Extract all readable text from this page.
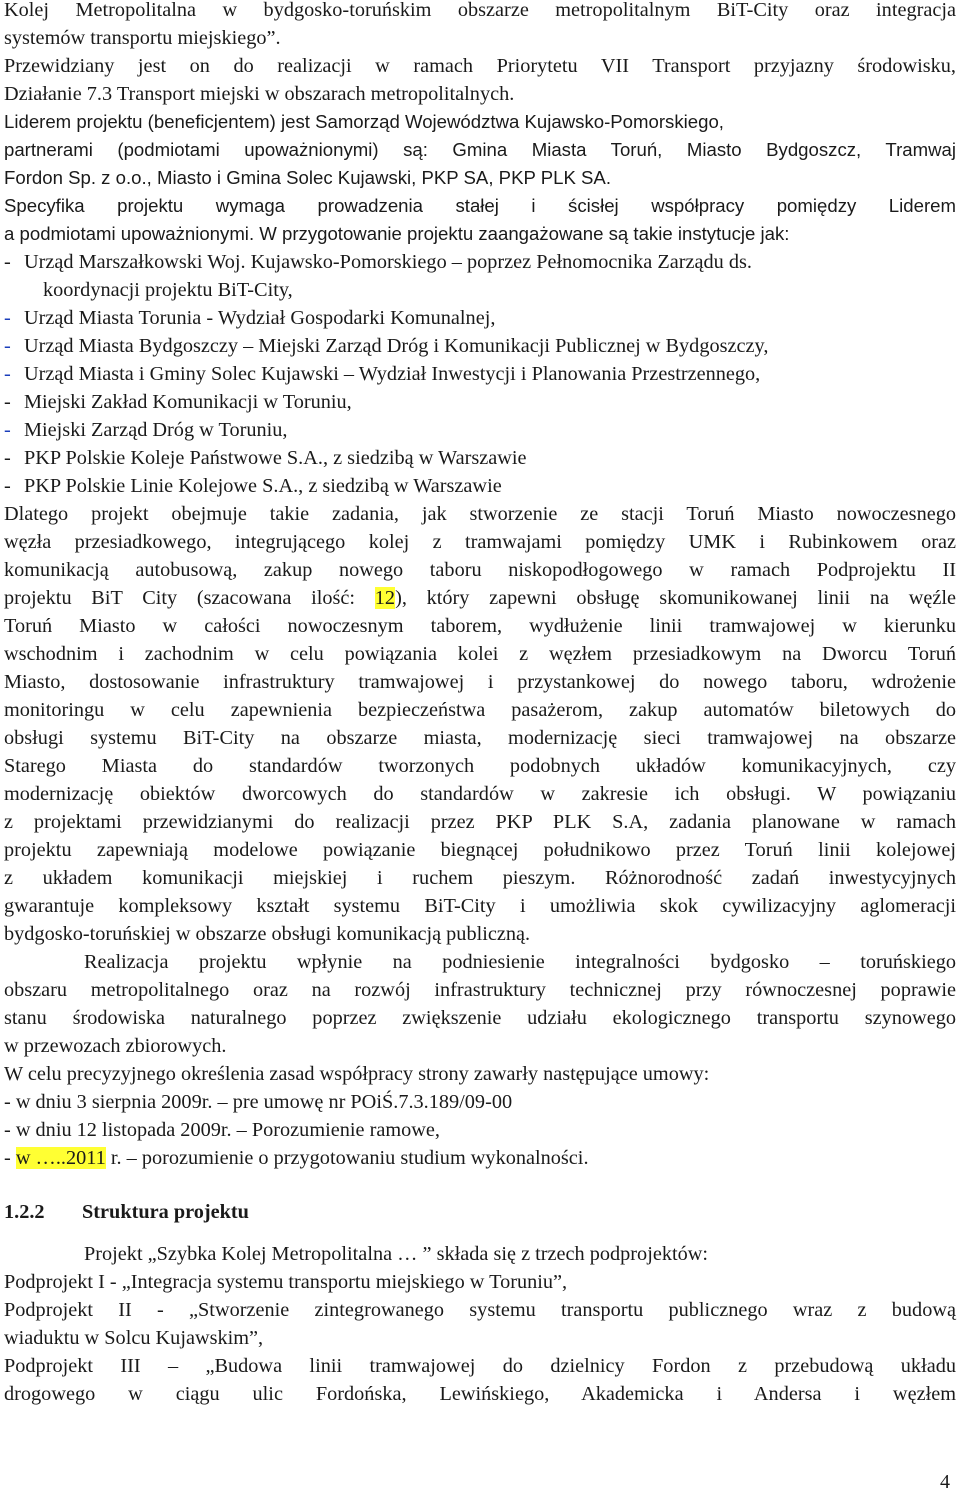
Kolej Metropolitalna w bydgosko-toruńskim obszarze metropolitalnym BiT-City oraz integracja
systemów transportu miejskiego”.
Przewidziany jest on do realizacji w ramach Priorytetu VII Transport przyjazny środowisku,
Działanie 7.3 Transport miejski w obszarach metropolitalnych.
Liderem projektu (beneficjentem) jest Samorząd Województwa Kujawsko-Pomorskiego,
partnerami (podmiotami upoważnionymi) są: Gmina Miasta Toruń, Miasto Bydgoszcz, Tramwaj
Fordon Sp. z o.o., Miasto i Gmina Solec Kujawski, PKP SA, PKP PLK SA.
Specyfika projektu wymaga prowadzenia stałej i ścisłej współpracy pomiędzy Liderem
a podmiotami upoważnionymi. W przygotowanie projektu zaangażowane są takie instytucje jak:
- Urząd Marszałkowski Woj. Kujawsko-Pomorskiego – poprzez Pełnomocnika Zarządu ds.
koordynacji projektu BiT-City,
- Urząd Miasta Torunia - Wydział Gospodarki Komunalnej,
- Urząd Miasta Bydgoszczy – Miejski Zarząd Dróg i Komunikacji Publicznej w Bydgoszczy,
- Urząd Miasta i Gminy Solec Kujawski – Wydział Inwestycji i Planowania Przestrzennego,
- Miejski Zakład Komunikacji w Toruniu,
- Miejski Zarząd Dróg w Toruniu,
- PKP Polskie Koleje Państwowe S.A., z siedzibą w Warszawie
- PKP Polskie Linie Kolejowe S.A., z siedzibą w Warszawie
Dlatego projekt obejmuje takie zadania, jak stworzenie ze stacji Toruń Miasto nowoczesnego
węzła przesiadkowego, integrującego kolej z tramwajami pomiędzy UMK i Rubinkowem oraz
komunikacją autobusową, zakup nowego taboru niskopodłogowego w ramach Podprojektu II
projektu BiT City (szacowana ilość: 12), który zapewni obsługę skomunikowanej linii na węźle
Toruń Miasto w całości nowoczesnym taborem, wydłużenie linii tramwajowej w kierunku
wschodnim i zachodnim w celu powiązania kolei z węzłem przesiadkowym na Dworcu Toruń
Miasto, dostosowanie infrastruktury tramwajowej i przystankowej do nowego taboru, wdrożenie
monitoringu w celu zapewnienia bezpieczeństwa pasażerom, zakup automatów biletowych do
obsługi systemu BiT-City na obszarze miasta, modernizację sieci tramwajowej na obszarze
Starego Miasta do standardów tworzonych podobnych układów komunikacyjnych, czy
modernizację obiektów dworcowych do standardów w zakresie ich obsługi. W powiązaniu
z projektami przewidzianymi do realizacji przez PKP PLK S.A, zadania planowane w ramach
projektu zapewniają modelowe powiązanie biegnącej południkowo przez Toruń linii kolejowej
z układem komunikacji miejskiej i ruchem pieszym. Różnorodność zadań inwestycyjnych
gwarantuje kompleksowy kształt systemu BiT-City i umożliwia skok cywilizacyjny aglomeracji
bydgosko-toruńskiej w obszarze obsługi komunikacją publiczną.
Realizacja projektu wpłynie na podniesienie integralności bydgosko – toruńskiego
obszaru metropolitalnego oraz na rozwój infrastruktury technicznej przy równoczesnej poprawie
stanu środowiska naturalnego poprzez zwiększenie udziału ekologicznego transportu szynowego
w przewozach zbiorowych.
W celu precyzyjnego określenia zasad współpracy strony zawarły następujące umowy:
- w dniu 3 sierpnia 2009r. – pre umowę nr POiŚ.7.3.189/09-00
- w dniu 12 listopada 2009r. – Porozumienie ramowe,
- w …..2011 r. – porozumienie o przygotowaniu studium wykonalności.
1.2.2 Struktura projektu
Projekt „Szybka Kolej Metropolitalna … ” składa się z trzech podprojektów:
Podprojekt I - „Integracja systemu transportu miejskiego w Toruniu”,
Podprojekt II - „Stworzenie zintegrowanego systemu transportu publicznego wraz z budową
wiaduktu w Solcu Kujawskim”,
Podprojekt III – „Budowa linii tramwajowej do dzielnicy Fordon z przebudową układu
drogowego w ciągu ulic Fordońska, Lewińskiego, Akademicka i Andersa i węzłem
4
